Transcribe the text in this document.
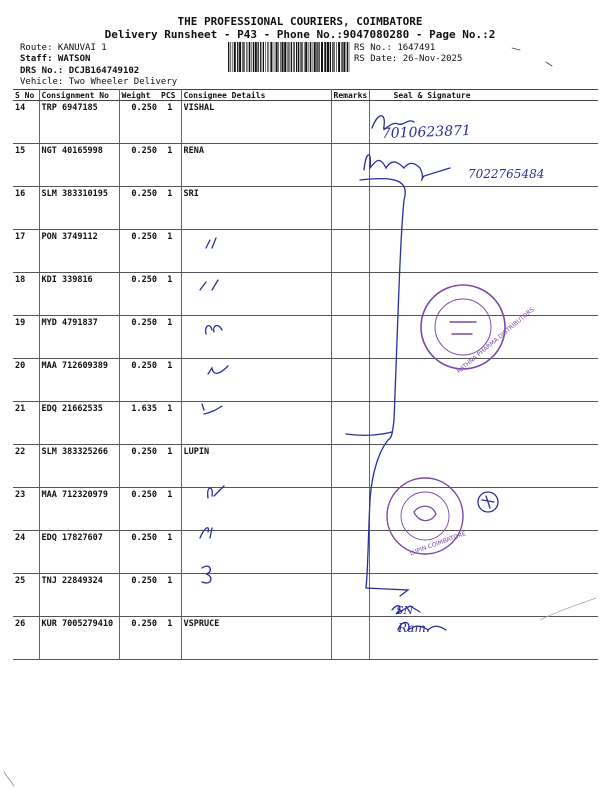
THE PROFESSIONAL COURIERS, COIMBATORE
Delivery Runsheet - P43 - Phone No.:9047080280 - Page No.:2
Route: KANUVAI 1
Staff: WATSON
DRS No.: DCJB164749102
Vehicle: Two Wheeler Delivery
RS No.: 1647491
RS Date: 26-Nov-2025
S No	Consignment No	Weight	PCS	Consignee Details	Remarks	Seal & Signature
14	TRP 6947185	0.250	1	VISHAL		
15	NGT 40165998	0.250	1	RENA		
16	SLM 383310195	0.250	1	SRI		
17	PON 3749112	0.250	1			
18	KDI 339816	0.250	1			
19	MYD 4791837	0.250	1			
20	MAA 712609389	0.250	1			
21	EDQ 21662535	1.635	1			
22	SLM 383325266	0.250	1	LUPIN		
23	MAA 712320979	0.250	1			
24	EDQ 17827607	0.250	1			
25	TNJ 22849324	0.250	1			
26	KUR 7005279410	0.250	1	VSPRUCE		
7010623871
7022765484
SN
Ram.
RATHNA PHARMA DISTRIBUTORS
LUPIN COIMBATORE
